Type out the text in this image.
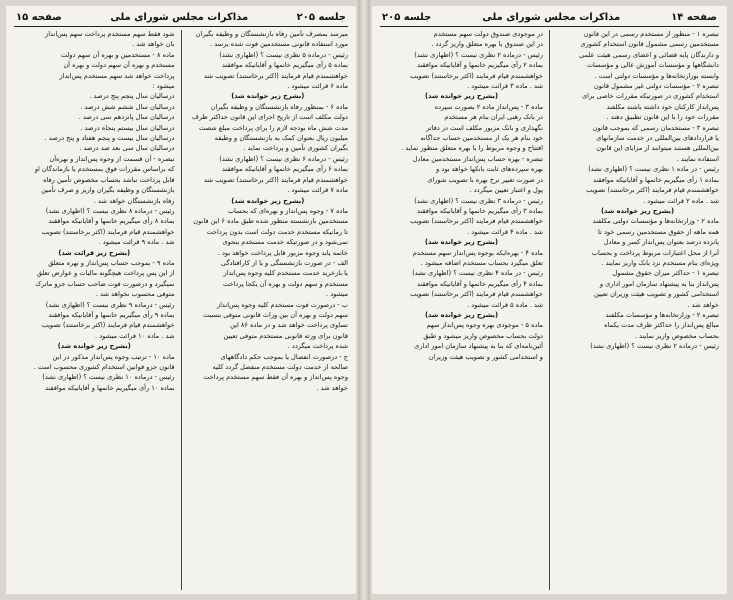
جلسه ۲۰۵
مذاکرات مجلس شورای ملی
صفحه ۱۵

میرسد بمصرف تأمین رفاه بازنشستگان و وظیفه بگیران

مورد استفاده قانونی مستخدمین فوت شده برسد .

رئیس - درماده ۵ نظری نیست ؟ (اظهاری نشد)

بماده ۵ رأی میگیریم خانمها و آقایانیکه موافقند

خواهشمندم قیام فرمایند (اکثر برخاستند) تصویب شد

ماده ۶ قرائت میشود .

(بشرح زیر خوانده شد)

ماده ۶ - بمنظور رفاه بازنشستگان و وظیفه بگیران

دولت مکلف است از تاریخ اجرای این قانون حداکثر ظرف

مدت شش ماه بودجه لازم را برای پرداخت مبلغ شصت

میلیون ریال بعنوان کمک به بازنشستگان و وظیفه

بگیران کشوری تأمین و پرداخت نماید .

رئیس - درماده ۶ نظری نیست ؟ (اظهاری نشد)

بماده ۶ رأی میگیریم خانمها و آقایانیکه موافقند

خواهشمندم قیام فرمایند (اکثر برخاستند) تصویب شد

ماده ۷ قرائت میشود .

(بشرح زیر خوانده شد)

ماده ۷ - وجوه پس‌انداز و بهره‌ای که بحساب

مستخدمین بازنشسته منظور شده طبق ماده ۶ این قانون

تا زمانیکه مستخدم خدمت دولت است بدون پرداخت

نمی‌شود و در صورتیکه خدمت مستخدم بنحوی

خاتمه یابد وجوه مزبور قابل پرداخت خواهد بود .

الف - در صورت بازنشستگی و یا از کارافتادگی

یا بازخرید خدمت مستخدم کلیه وجوه پس‌انداز

مستخدم و سهم دولت و بهره آن یکجا پرداخت

میشود .

ب - درصورت فوت مستخدم کلیه وجوه پس‌انداز

سهم دولت و بهره آن بین وراث قانونی متوفی بنسبت

تساوی پرداخت خواهد شد و در ماده ۸۶ این

قانون برای ورثه قانونی مستخدم متوفی تعیین

شده پرداخت میگردد .

ج - درصورت انفصال یا بموجب حکم دادگاههای

صالحه از خدمت دولت مستخدم منفصل گردد کلیه

وجوه پس‌انداز و بهره آن فقط سهم مستخدم پرداخت

خواهد شد .

شود فقط سهم مستخدم پرداخت سهم پس‌انداز

بان خواهد شد .

ماده ۸ - مستخدمین و بهره آن سهم دولت

مستخدم و بهره آن سهم دولت و بهره آن

پرداخت خواهد شد سهم مستخدم پس‌انداز

میشود :

درسالیان سال پنجم پنج درصد .

درسالیان سال ششم شش درصد .

درسالیان سال پانزدهم سی درصد .

درسالیان سال بیستم پنجاه درصد .

درسالیان سال بیست و پنجم هفتاد و پنج درصد .

درسالیان سال سی بعد صد درصد .

تبصره - آن قسمت از وجوه پس‌انداز و بهره‌آن

که براساس مقررات فوق بمستخدم یا بازماندگان او

قابل پرداخت نباشد بحساب مخصوص تأمین رفاه

بازنشستگان و وظیفه بگیران واریز و صرف تأمین

رفاه بازنشستگان خواهد شد .

رئیس - درماده ۸ نظری نیست ؟ (اظهاری نشد)

بماده ۸ رأی میگیریم خانمها و آقایانیکه موافقند

خواهشمندم قیام فرمایند (اکثر برخاستند) تصویب

شد . ماده ۹ قرائت میشود .

(بشرح زیر قرائت شد)

ماده ۹ - بموجب حساب پس‌انداز و بهره متعلق

از این پس پرداخت هیچگونه مالیات و عوارض تعلق

نمیگیرد و درصورت فوت صاحب حساب جزو ماترک

متوفی محسوب نخواهد شد .

رئیس - درماده ۹ نظری نیست ؟ (اظهاری نشد)

بماده ۹ رأی میگیریم خانمها و آقایانیکه موافقند

خواهشمندم قیام فرمایند (اکثر برخاستند) تصویب

شد . ماده ۱۰ قرائت میشود .

(بشرح زیر خوانده شد)

ماده ۱۰ - ترتیب وجوه پس‌انداز مذکور در این

قانون جزو قوانین استخدام کشوری محسوب است .

رئیس - درماده ۱۰ نظری نیست ؟ (اظهاری نشد)

بماده ۱۰ رأی میگیریم خانمها و آقایانیکه موافقند

صفحه ۱۴
مذاکرات مجلس شورای ملی
جلسه ۲۰۵

تبصره ۱ - منظور از مستخدم رسمی در این قانون

مستخدمین رسمی مشمول قانون استخدام کشوری

و دارندگان پایه قضائی و اعضای رسمی هیئت علمی

دانشگاهها و مؤسسات آموزش عالی و مؤسسات

وابسته بوزارتخانه‌ها و مؤسسات دولتی است .

تبصره ۲ - مؤسسات دولتی غیر مشمول قانون

استخدام کشوری در صورتیکه مقررات خاصی برای

پس‌انداز کارکنان خود داشته باشند مکلفند

مقررات خود را با این قانون تطبیق دهند .

تبصره ۳ - مستخدمان رسمی که بموجب قانون

یا قراردادهای بین‌المللی در خدمت سازمانهای

بین‌المللی هستند میتوانند از مزایای این قانون

استفاده نمایند .

رئیس - در ماده ۱ نظری نیست ؟ (اظهاری نشد)

بماده ۱ رأی میگیریم خانمها و آقایانیکه موافقند

خواهشمندم قیام فرمایند (اکثر برخاستند) تصویب

شد . ماده ۲ قرائت میشود .

(بشرح زیر خوانده شد)

ماده ۲ - وزارتخانه‌ها و مؤسسات دولتی مکلفند

همه ماهه از حقوق مستخدمین رسمی خود تا

پانزده درصد بعنوان پس‌انداز کسر و معادل

آنرا از محل اعتبارات مربوط پرداخت و بحساب

ویژه‌ای بنام مستخدم نزد بانک واریز نمایند .

تبصره ۱ - حداکثر میزان حقوق مشمول

پس‌انداز بنا به پیشنهاد سازمان امور اداری و

استخدامی کشور و تصویب هیئت وزیران تعیین

خواهد شد .

تبصره ۲ - وزارتخانه‌ها و مؤسسات مکلفند

مبالغ پس‌انداز را حداکثر ظرف مدت یکماه

بحساب مخصوص واریز نمایند .

رئیس - درماده ۲ نظری نیست ؟ (اظهاری نشد)

در موجودی صندوق دولت سهم مستخدم

در این صندوق با بهره متعلق واریز گردد .

رئیس - درماده ۲ نظری نیست ؟ (اظهاری نشد)

بماده ۲ رأی میگیریم خانمها و آقایانیکه موافقند

خواهشمندم قیام فرمایند (اکثر برخاستند) تصویب

شد . ماده ۳ قرائت میشود .

(بشرح زیر خوانده شد)

ماده ۳ - پس‌انداز ماده ۲ بصورت سپرده

در بانک رهنی ایران بنام هر مستخدم

نگهداری و بانک مزبور مکلف است در دفاتر

خود بنام هر یک از مستخدمین حساب جداگانه

افتتاح و وجوه مربوط را با بهره متعلق منظور نماید .

تبصره - بهره حساب پس‌انداز مستخدمین معادل

بهره سپرده‌های ثابت بانکها خواهد بود و

در صورت تغییر نرخ بهره با تصویب شورای

پول و اعتبار تعیین میگردد .

رئیس - درماده ۳ نظری نیست ؟ (اظهاری نشد)

بماده ۳ رأی میگیریم خانمها و آقایانیکه موافقند

خواهشمندم قیام فرمایند (اکثر برخاستند) تصویب

شد . ماده ۴ قرائت میشود .

(بشرح زیر خوانده شد)

ماده ۴ - بهره‌ایکه بوجوه پس‌انداز سهم مستخدم

تعلق میگیرد بحساب مستخدم اضافه میشود .

رئیس - در ماده ۴ نظری نیست ؟ (اظهاری نشد)

بماده ۴ رأی میگیریم خانمها و آقایانیکه موافقند

خواهشمندم قیام فرمایند (اکثر برخاستند) تصویب

شد . ماده ۵ قرائت میشود .

(بشرح زیر خوانده شد)

ماده ۵ - موجودی بهره وجوه پس‌انداز سهم

دولت بحساب مخصوص واریز میشود و طبق

آئین‌نامه‌ای که بنا به پیشنهاد سازمان امور اداری

و استخدامی کشور و تصویب هیئت وزیران
